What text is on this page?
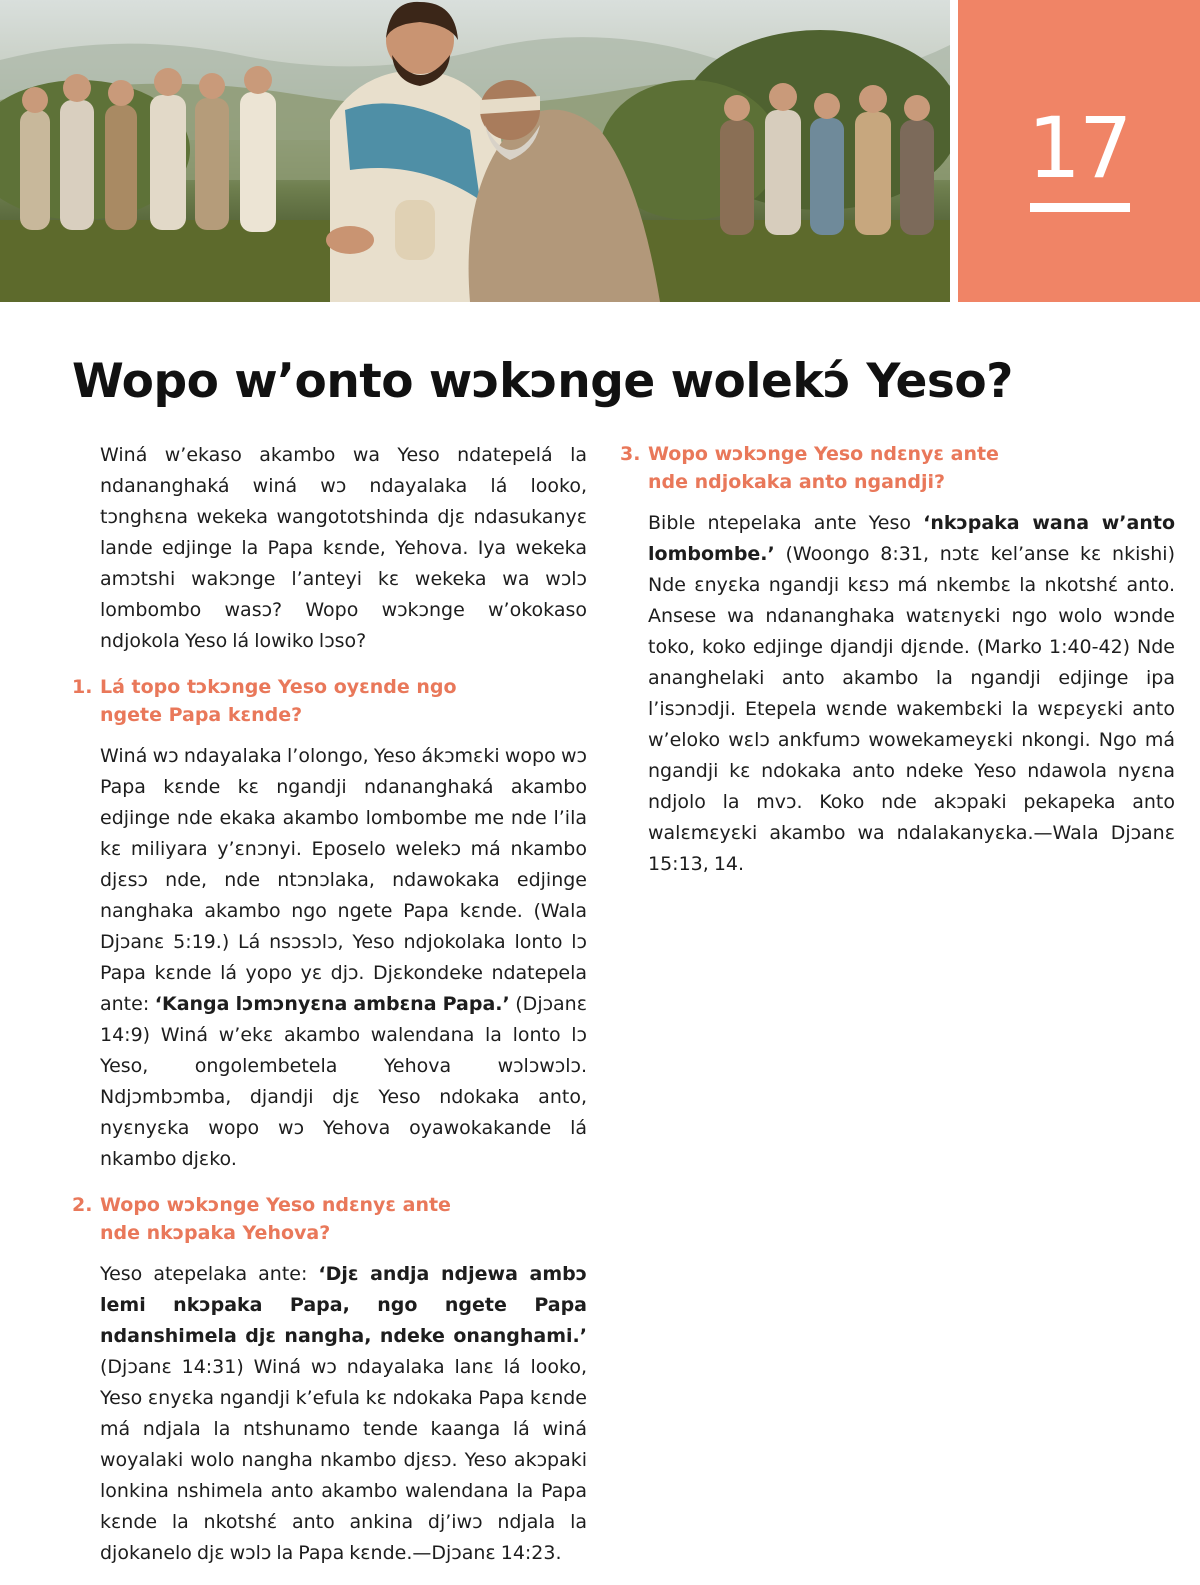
17
Wopo w’onto wɔkɔnge wolekɔ́ Yeso?

Winá w’ekaso akambo wa Yeso ndatepelá la ndananghaká winá wɔ ndayalaka lá looko, tɔnghɛna wekeka wangototshinda djɛ ndasukanyɛ lande edjinge la Papa kɛnde, Yehova. Iya wekeka amɔtshi wakɔnge l’anteyi kɛ wekeka wa wɔlɔ lombombo wasɔ? Wopo wɔkɔnge w’okokaso ndjokola Yeso lá lowiko lɔso?

1. Lá topo tɔkɔnge Yeso oyɛnde ngo
ngete Papa kɛnde?

Winá wɔ ndayalaka l’olongo, Yeso ákɔmɛki wopo wɔ Papa kɛnde kɛ ngandji ndananghaká akambo edjinge nde ekaka akambo lombombe me nde l’ila kɛ miliyara y’ɛnɔnyi. Eposelo welekɔ má nkambo djɛsɔ nde, nde ntɔnɔlaka, ndawokaka edjinge nanghaka akambo ngo ngete Papa kɛnde. (Wala Djɔanɛ 5:19.) Lá nsɔsɔlɔ, Yeso ndjokolaka lonto lɔ Papa kɛnde lá yopo yɛ djɔ. Djɛkondeke ndatepela ante: ‘Kanga lɔmɔnyɛna ambɛna Papa.’ (Djɔanɛ 14:9) Winá w’ekɛ akambo walendana la lonto lɔ Yeso, ongolembetela Yehova wɔlɔwɔlɔ. Ndjɔmbɔmba, djandji djɛ Yeso ndokaka anto, nyɛnyɛka wopo wɔ Yehova oyawokakande lá nkambo djɛko.

2. Wopo wɔkɔnge Yeso ndɛnyɛ ante
nde nkɔpaka Yehova?

Yeso atepelaka ante: ‘Djɛ andja ndjewa ambɔ lemi nkɔpaka Papa, ngo ngete Papa ndanshimela djɛ nangha, ndeke onanghami.’ (Djɔanɛ 14:31) Winá wɔ ndayalaka lanɛ lá looko, Yeso ɛnyɛka ngandji k’efula kɛ ndokaka Papa kɛnde má ndjala la ntshunamo tende kaanga lá winá woyalaki wolo nangha nkambo djɛsɔ. Yeso akɔpaki lonkina nshimela anto akambo walendana la Papa kɛnde la nkotshɛ́ anto ankina dj’iwɔ ndjala la djokanelo djɛ wɔlɔ la Papa kɛnde.—Djɔanɛ 14:23.

3. Wopo wɔkɔnge Yeso ndɛnyɛ ante
nde ndjokaka anto ngandji?

Bible ntepelaka ante Yeso ‘nkɔpaka wana w’anto lombombe.’ (Woongo 8:31, nɔtɛ kel’anse kɛ nkishi) Nde ɛnyɛka ngandji kɛsɔ má nkembɛ la nkotshɛ́ anto. Ansese wa ndananghaka watɛnyɛki ngo wolo wɔnde toko, koko edjinge djandji djɛnde. (Marko 1:40-42) Nde ananghelaki anto akambo la ngandji edjinge ipa l’isɔnɔdji. Etepela wɛnde wakembɛki la wɛpɛyɛki anto w’eloko wɛlɔ ankfumɔ wowekameyɛki nkongi. Ngo má ngandji kɛ ndokaka anto ndeke Yeso ndawola nyɛna ndjolo la mvɔ. Koko nde akɔpaki pekapeka anto walɛmɛyɛki akambo wa ndalakanyɛka.—Wala Djɔanɛ 15:13, 14.
